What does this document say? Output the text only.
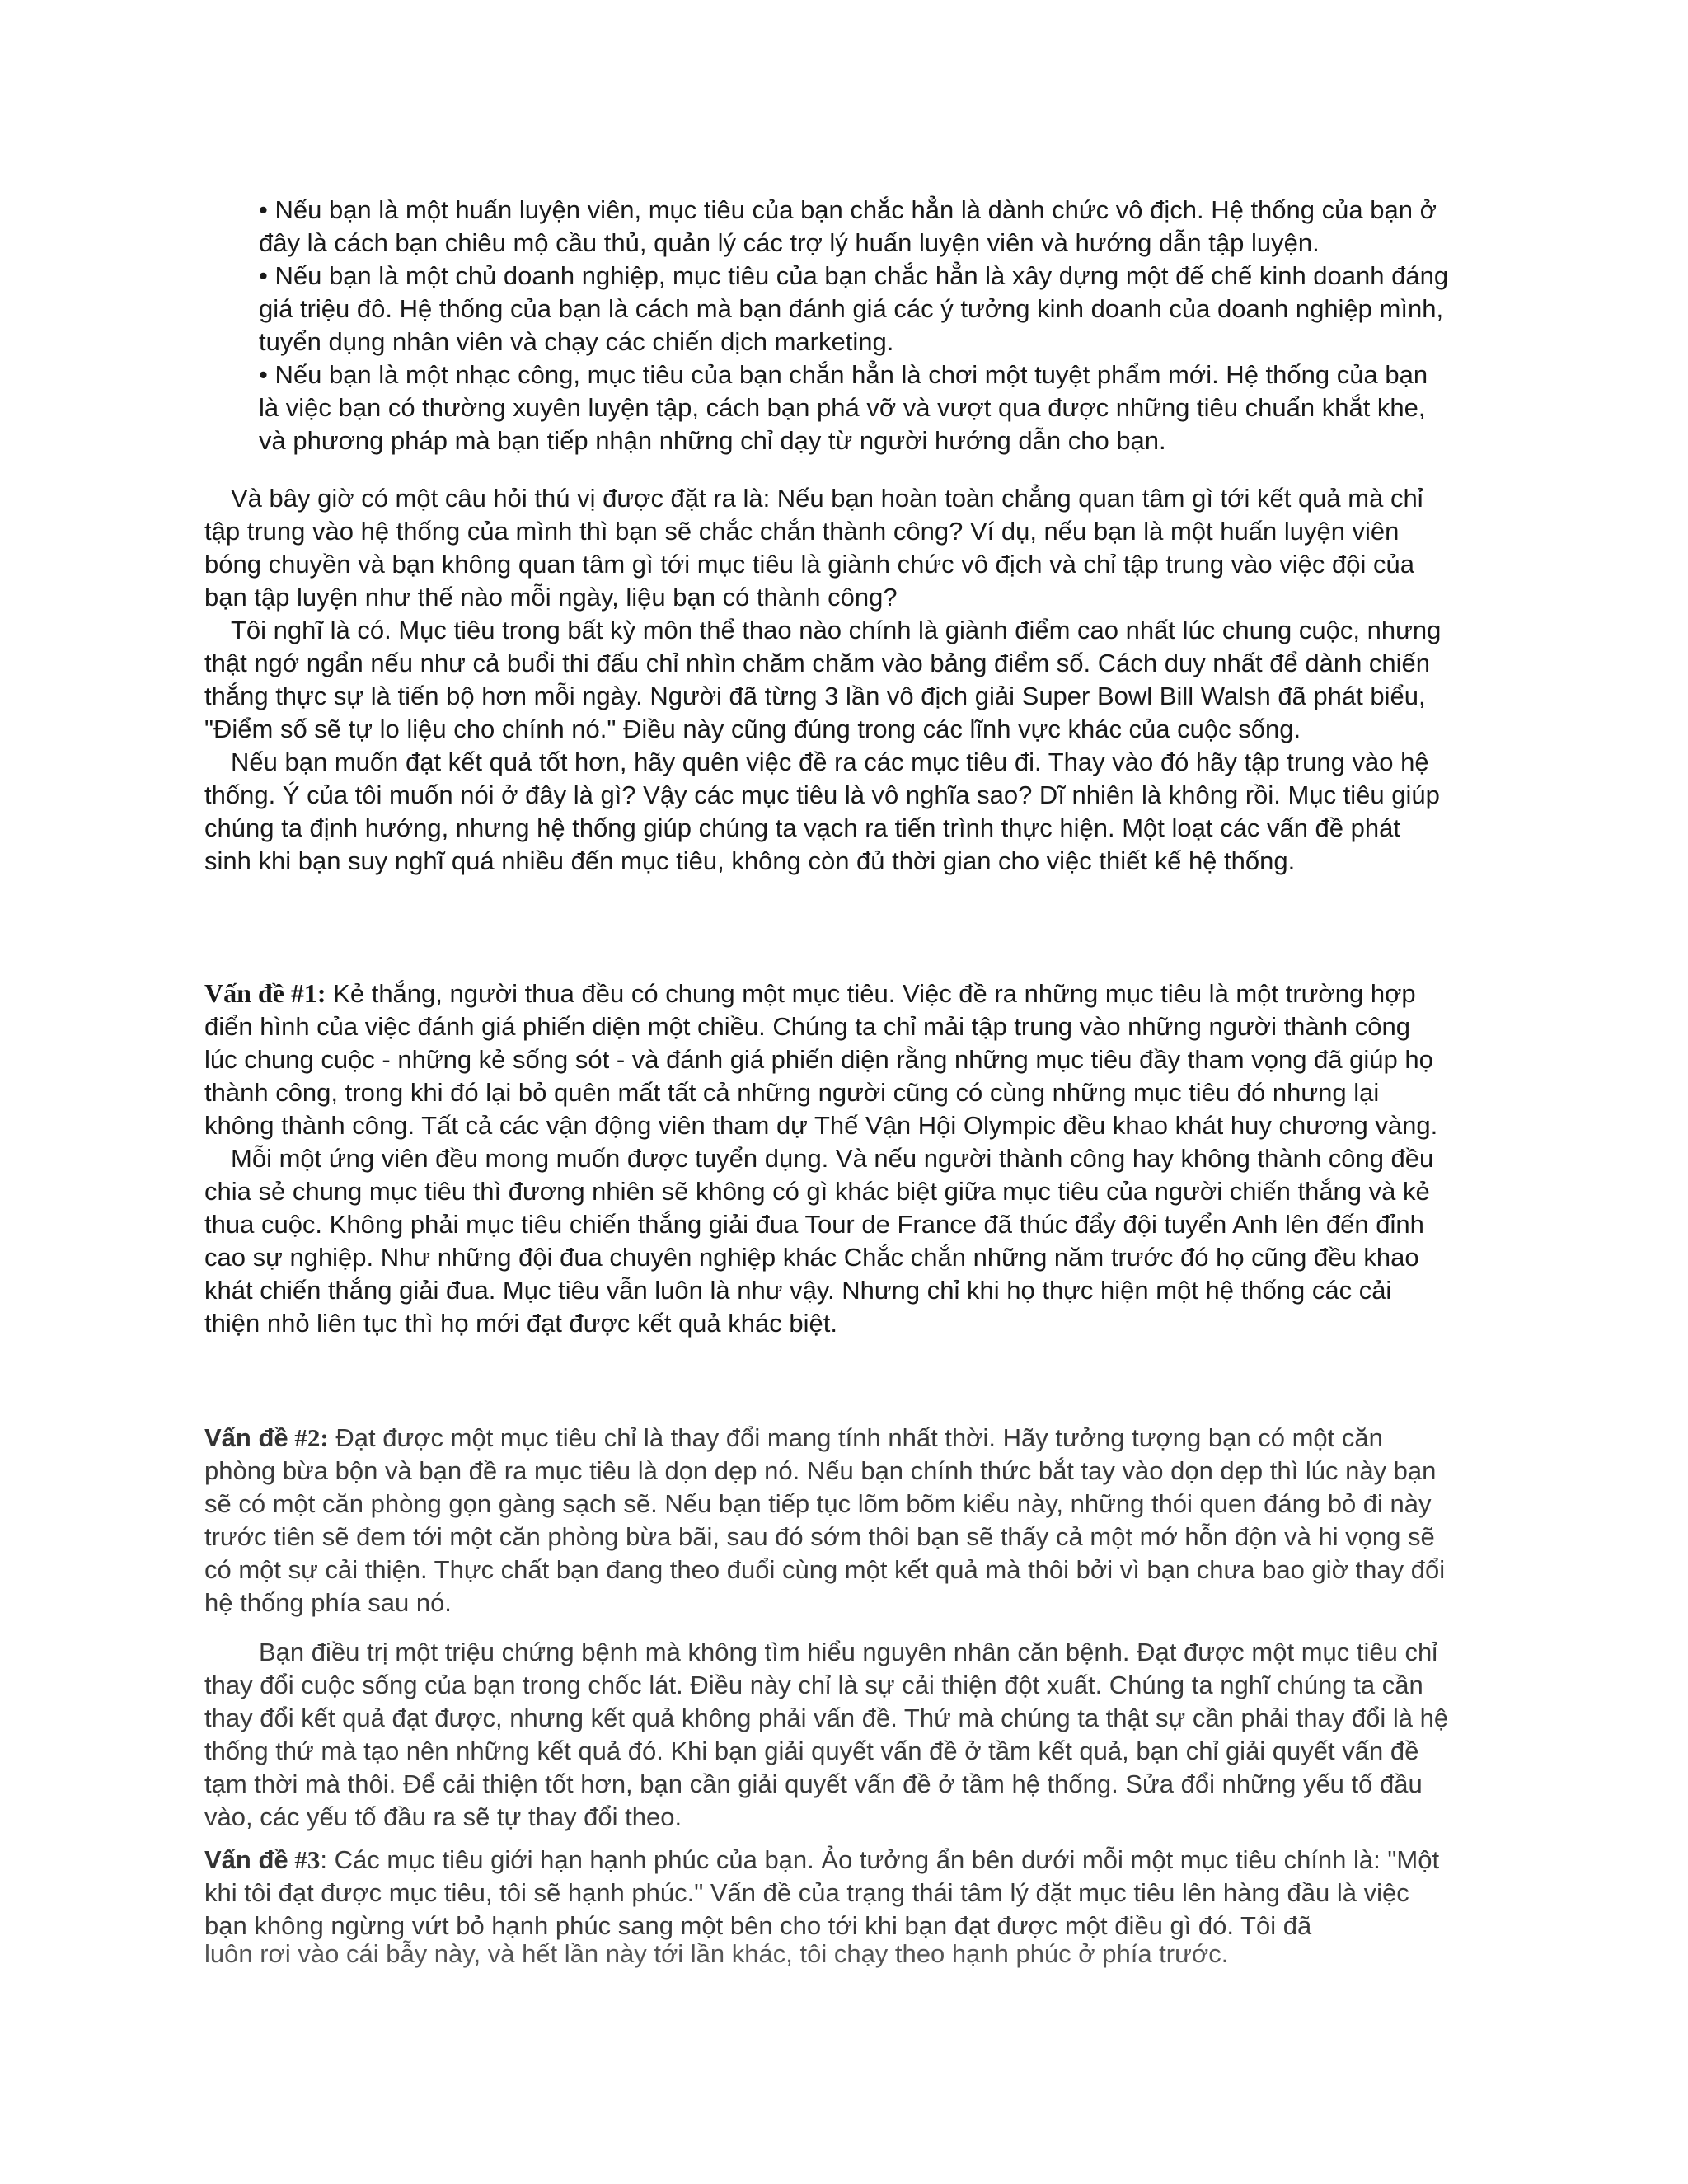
• Nếu bạn là một huấn luyện viên, mục tiêu của bạn chắc hẳn là dành chức vô địch. Hệ thống của bạn ở đây là cách bạn chiêu mộ cầu thủ, quản lý các trợ lý huấn luyện viên và hướng dẫn tập luyện.

• Nếu bạn là một chủ doanh nghiệp, mục tiêu của bạn chắc hẳn là xây dựng một đế chế kinh doanh đáng giá triệu đô. Hệ thống của bạn là cách mà bạn đánh giá các ý tưởng kinh doanh của doanh nghiệp mình, tuyển dụng nhân viên và chạy các chiến dịch marketing.

• Nếu bạn là một nhạc công, mục tiêu của bạn chắn hẳn là chơi một tuyệt phẩm mới. Hệ thống của bạn là việc bạn có thường xuyên luyện tập, cách bạn phá vỡ và vượt qua được những tiêu chuẩn khắt khe, và phương pháp mà bạn tiếp nhận những chỉ dạy từ người hướng dẫn cho bạn.

Và bây giờ có một câu hỏi thú vị được đặt ra là: Nếu bạn hoàn toàn chẳng quan tâm gì tới kết quả mà chỉ tập trung vào hệ thống của mình thì bạn sẽ chắc chắn thành công? Ví dụ, nếu bạn là một huấn luyện viên bóng chuyền và bạn không quan tâm gì tới mục tiêu là giành chức vô địch và chỉ tập trung vào việc đội của bạn tập luyện như thế nào mỗi ngày, liệu bạn có thành công?

Tôi nghĩ là có. Mục tiêu trong bất kỳ môn thể thao nào chính là giành điểm cao nhất lúc chung cuộc, nhưng thật ngớ ngẩn nếu như cả buổi thi đấu chỉ nhìn chăm chăm vào bảng điểm số. Cách duy nhất để dành chiến thắng thực sự là tiến bộ hơn mỗi ngày. Người đã từng 3 lần vô địch giải Super Bowl Bill Walsh đã phát biểu, "Điểm số sẽ tự lo liệu cho chính nó." Điều này cũng đúng trong các lĩnh vực khác của cuộc sống.

Nếu bạn muốn đạt kết quả tốt hơn, hãy quên việc đề ra các mục tiêu đi. Thay vào đó hãy tập trung vào hệ thống. Ý của tôi muốn nói ở đây là gì? Vậy các mục tiêu là vô nghĩa sao? Dĩ nhiên là không rồi. Mục tiêu giúp chúng ta định hướng, nhưng hệ thống giúp chúng ta vạch ra tiến trình thực hiện. Một loạt các vấn đề phát sinh khi bạn suy nghĩ quá nhiều đến mục tiêu, không còn đủ thời gian cho việc thiết kế hệ thống.

Vấn đề #1: Kẻ thắng, người thua đều có chung một mục tiêu. Việc đề ra những mục tiêu là một trường hợp điển hình của việc đánh giá phiến diện một chiều. Chúng ta chỉ mải tập trung vào những người thành công lúc chung cuộc - những kẻ sống sót - và đánh giá phiến diện rằng những mục tiêu đầy tham vọng đã giúp họ thành công, trong khi đó lại bỏ quên mất tất cả những người cũng có cùng những mục tiêu đó nhưng lại không thành công. Tất cả các vận động viên tham dự Thế Vận Hội Olympic đều khao khát huy chương vàng.

Mỗi một ứng viên đều mong muốn được tuyển dụng. Và nếu người thành công hay không thành công đều chia sẻ chung mục tiêu thì đương nhiên sẽ không có gì khác biệt giữa mục tiêu của người chiến thắng và kẻ thua cuộc. Không phải mục tiêu chiến thắng giải đua Tour de France đã thúc đẩy đội tuyển Anh lên đến đỉnh cao sự nghiệp. Như những đội đua chuyên nghiệp khác Chắc chắn những năm trước đó họ cũng đều khao khát chiến thắng giải đua. Mục tiêu vẫn luôn là như vậy. Nhưng chỉ khi họ thực hiện một hệ thống các cải thiện nhỏ liên tục thì họ mới đạt được kết quả khác biệt.

Vấn đề #2: Đạt được một mục tiêu chỉ là thay đổi mang tính nhất thời. Hãy tưởng tượng bạn có một căn phòng bừa bộn và bạn đề ra mục tiêu là dọn dẹp nó. Nếu bạn chính thức bắt tay vào dọn dẹp thì lúc này bạn sẽ có một căn phòng gọn gàng sạch sẽ. Nếu bạn tiếp tục lõm bõm kiểu này, những thói quen đáng bỏ đi này trước tiên sẽ đem tới một căn phòng bừa bãi, sau đó sớm thôi bạn sẽ thấy cả một mớ hỗn độn và hi vọng sẽ có một sự cải thiện. Thực chất bạn đang theo đuổi cùng một kết quả mà thôi bởi vì bạn chưa bao giờ thay đổi hệ thống phía sau nó.

Bạn điều trị một triệu chứng bệnh mà không tìm hiểu nguyên nhân căn bệnh. Đạt được một mục tiêu chỉ thay đổi cuộc sống của bạn trong chốc lát. Điều này chỉ là sự cải thiện đột xuất. Chúng ta nghĩ chúng ta cần thay đổi kết quả đạt được, nhưng kết quả không phải vấn đề. Thứ mà chúng ta thật sự cần phải thay đổi là hệ thống thứ mà tạo nên những kết quả đó. Khi bạn giải quyết vấn đề ở tầm kết quả, bạn chỉ giải quyết vấn đề tạm thời mà thôi. Để cải thiện tốt hơn, bạn cần giải quyết vấn đề ở tầm hệ thống. Sửa đổi những yếu tố đầu vào, các yếu tố đầu ra sẽ tự thay đổi theo.

Vấn đề #3: Các mục tiêu giới hạn hạnh phúc của bạn. Ảo tưởng ẩn bên dưới mỗi một mục tiêu chính là: "Một khi tôi đạt được mục tiêu, tôi sẽ hạnh phúc." Vấn đề của trạng thái tâm lý đặt mục tiêu lên hàng đầu là việc bạn không ngừng vứt bỏ hạnh phúc sang một bên cho tới khi bạn đạt được một điều gì đó. Tôi đã

luôn rơi vào cái bẫy này, và hết lần này tới lần khác, tôi chạy theo hạnh phúc ở phía trước.
